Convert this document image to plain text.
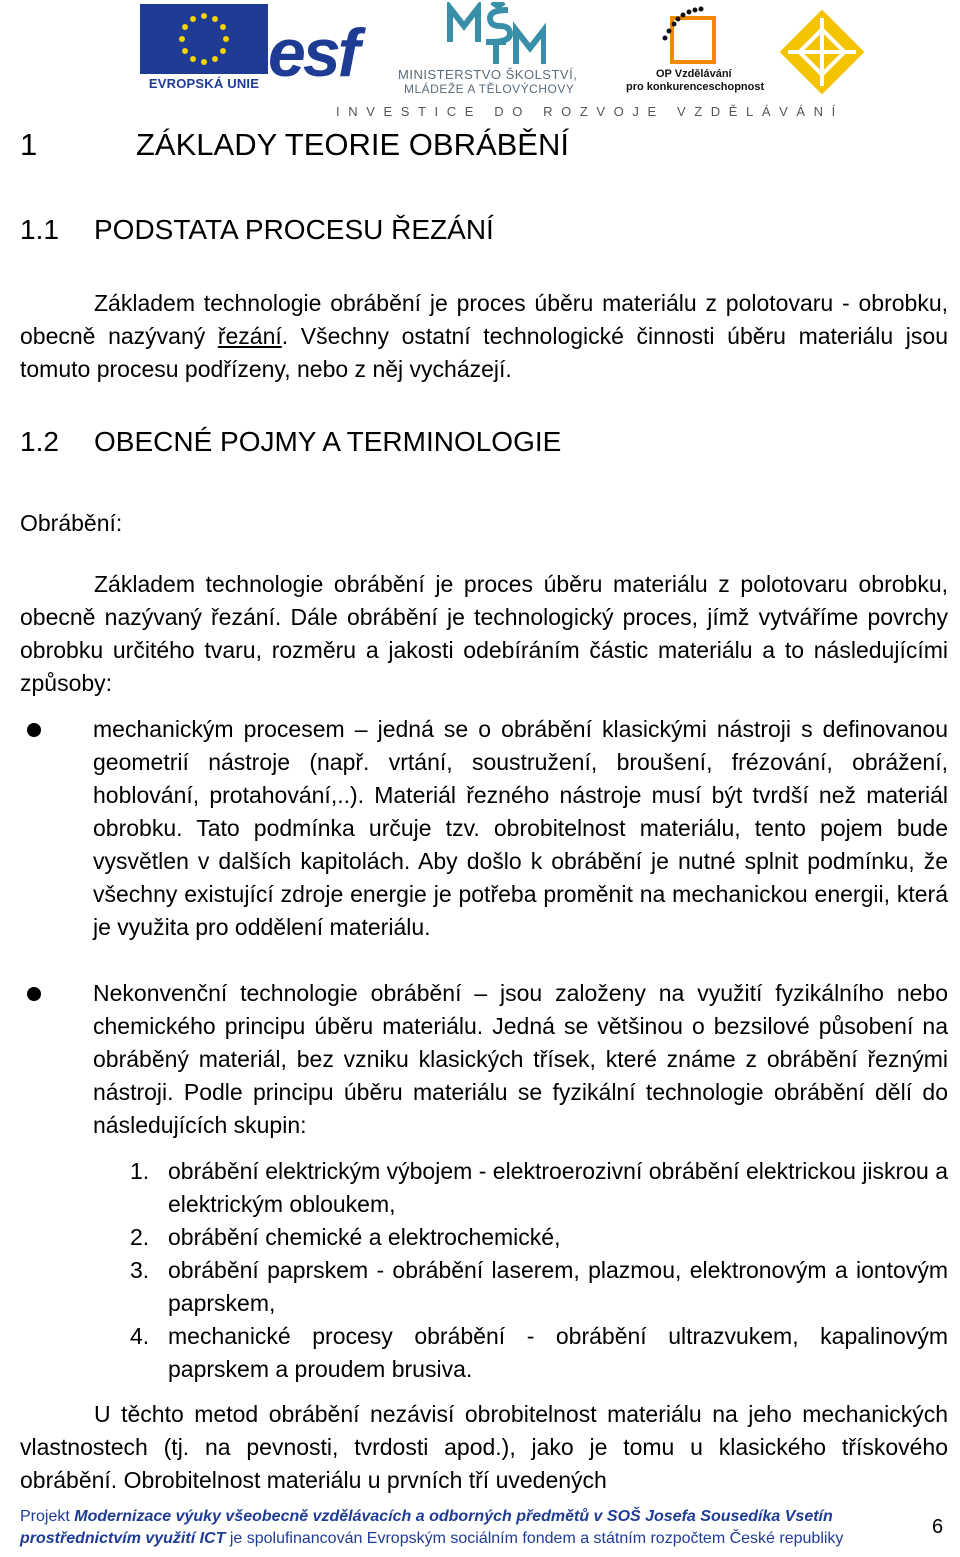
EVROPSKÁ UNIE esf	MINISTERSTVO ŠKOLSTVÍ,
MLÁDEŽE A TĚLOVÝCHOVY
OP Vzdělávání
pro konkurenceschopnost
INVESTICE DO ROZVOJE VZDĚLÁVÁNÍ
1	ZÁKLADY TEORIE OBRÁBĚNÍ
1.1 PODSTATA PROCESU ŘEZÁNÍ
Základem technologie obrábění je proces úběru materiálu z polotovaru - obrobku, obecně nazývaný řezání. Všechny ostatní technologické činnosti úběru materiálu jsou tomuto procesu podřízeny, nebo z něj vycházejí.
1.2 OBECNÉ POJMY A TERMINOLOGIE
Obrábění:
Základem technologie obrábění je proces úběru materiálu z polotovaru obrobku, obecně nazývaný řezání. Dále obrábění je technologický proces, jímž vytváříme povrchy obrobku určitého tvaru, rozměru a jakosti odebíráním částic materiálu a to následujícími způsoby:
mechanickým procesem – jedná se o obrábění klasickými nástroji s definovanou geometrií nástroje (např. vrtání, soustružení, broušení, frézování, obrážení, hoblování, protahování,..). Materiál řezného nástroje musí být tvrdší než materiál obrobku. Tato podmínka určuje tzv. obrobitelnost materiálu, tento pojem bude vysvětlen v dalších kapitolách. Aby došlo k obrábění je nutné splnit podmínku, že všechny existující zdroje energie je potřeba proměnit na mechanickou energii, která je využita pro oddělení materiálu.
Nekonvenční technologie obrábění – jsou založeny na využití fyzikálního nebo chemického principu úběru materiálu. Jedná se většinou o bezsilové působení na obráběný materiál, bez vzniku klasických třísek, které známe z obrábění řeznými nástroji. Podle principu úběru materiálu se fyzikální technologie obrábění dělí do následujících skupin:
1. obrábění elektrickým výbojem - elektroerozivní obrábění elektrickou jiskrou a elektrickým obloukem,
2. obrábění chemické a elektrochemické,
3. obrábění paprskem - obrábění laserem, plazmou, elektronovým a iontovým paprskem,
4. mechanické procesy obrábění - obrábění ultrazvukem, kapalinovým paprskem a proudem brusiva.
U těchto metod obrábění nezávisí obrobitelnost materiálu na jeho mechanických vlastnostech (tj. na pevnosti, tvrdosti apod.), jako je tomu u klasického třískového obrábění. Obrobitelnost materiálu u prvních tří uvedených
Projekt Modernizace výuky všeobecně vzdělávacích a odborných předmětů v SOŠ Josefa Sousedíka Vsetín prostřednictvím využití ICT je spolufinancován Evropským sociálním fondem a státním rozpočtem České republiky
6
